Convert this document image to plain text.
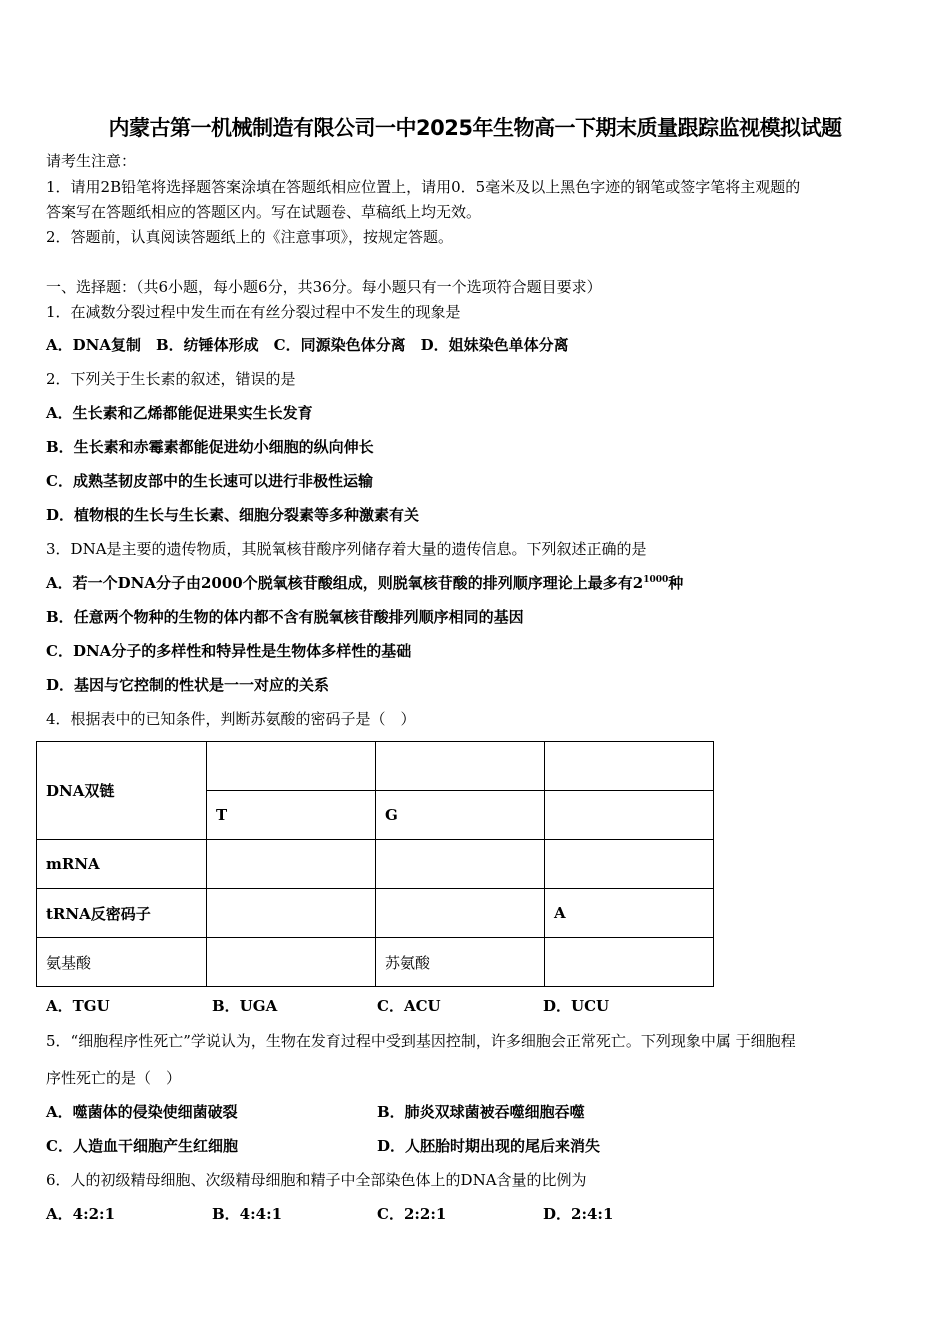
内蒙古第一机械制造有限公司一中2025年生物高一下期末质量跟踪监视模拟试题
请考生注意：
1．请用2B铅笔将选择题答案涂填在答题纸相应位置上，请用0．5毫米及以上黑色字迹的钢笔或签字笔将主观题的
答案写在答题纸相应的答题区内。写在试题卷、草稿纸上均无效。
2．答题前，认真阅读答题纸上的《注意事项》，按规定答题。
一、选择题：（共6小题，每小题6分，共36分。每小题只有一个选项符合题目要求）
1．在减数分裂过程中发生而在有丝分裂过程中不发生的现象是
A．DNA复制　B．纺锤体形成　C．同源染色体分离　D．姐妹染色单体分离
2．下列关于生长素的叙述，错误的是
A．生长素和乙烯都能促进果实生长发育
B．生长素和赤霉素都能促进幼小细胞的纵向伸长
C．成熟茎韧皮部中的生长速可以进行非极性运输
D．植物根的生长与生长素、细胞分裂素等多种激素有关
3．DNA是主要的遗传物质，其脱氧核苷酸序列储存着大量的遗传信息。下列叙述正确的是
A．若一个DNA分子由2000个脱氧核苷酸组成，则脱氧核苷酸的排列顺序理论上最多有$2^{1000}$种
B．任意两个物种的生物的体内都不含有脱氧核苷酸排列顺序相同的基因
C．DNA分子的多样性和特异性是生物体多样性的基础
D．基因与它控制的性状是一一对应的关系
4．根据表中的已知条件，判断苏氨酸的密码子是（　）
DNA双链			
	T	G	
mRNA			
tRNA反密码子			A
氨基酸		苏氨酸	
A．TGU	B．UGA	C．ACU	D．UCU
5．“细胞程序性死亡”学说认为，生物在发育过程中受到基因控制，许多细胞会正常死亡。下列现象中属 于细胞程
序性死亡的是（　）
A．噬菌体的侵染使细菌破裂	B．肺炎双球菌被吞噬细胞吞噬
C．人造血干细胞产生红细胞	D．人胚胎时期出现的尾后来消失
6．人的初级精母细胞、次级精母细胞和精子中全部染色体上的DNA含量的比例为
A．4:2:1	B．4:4:1	C．2:2:1	D．2:4:1
